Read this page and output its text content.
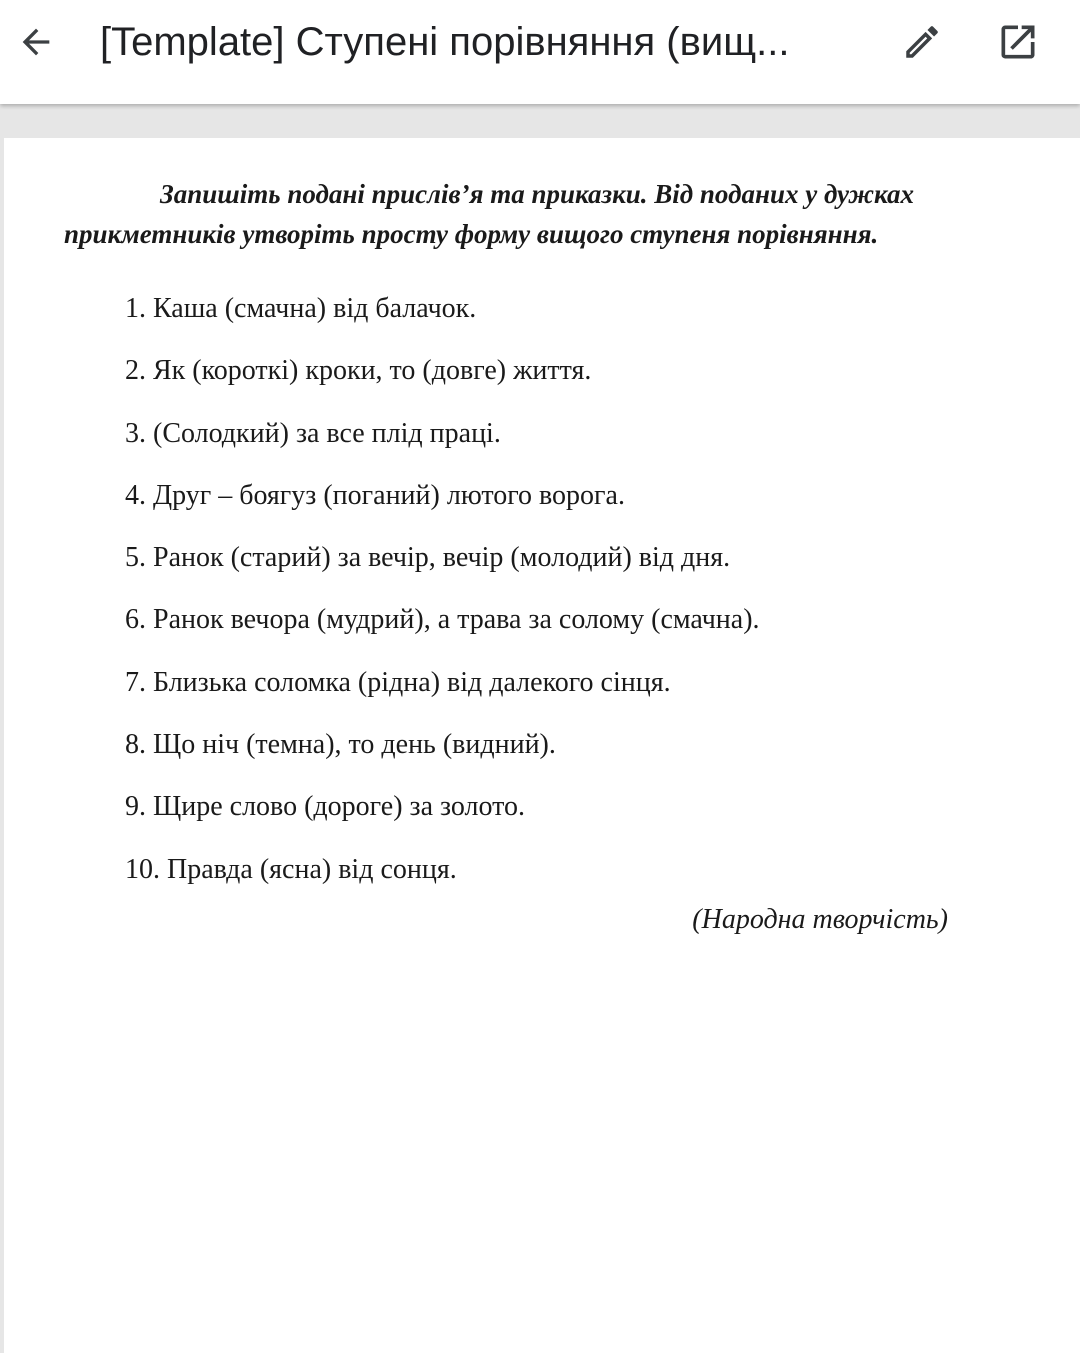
[Template] Ступені порівняння (вищ...
Запишіть подані прислів’я та приказки. Від поданих у дужках
прикметників утворіть просту форму вищого ступеня порівняння.
1. Каша (смачна) від балачок.
2. Як (короткі) кроки, то (довге) життя.
3. (Солодкий) за все плід праці.
4. Друг – боягуз (поганий) лютого ворога.
5. Ранок (старий) за вечір, вечір (молодий) від дня.
6. Ранок вечора (мудрий), а трава за солому (смачна).
7. Близька соломка (рідна) від далекого сінця.
8. Що ніч (темна), то день (видний).
9. Щире слово (дороге) за золото.
10. Правда (ясна) від сонця.
(Народна творчість)
